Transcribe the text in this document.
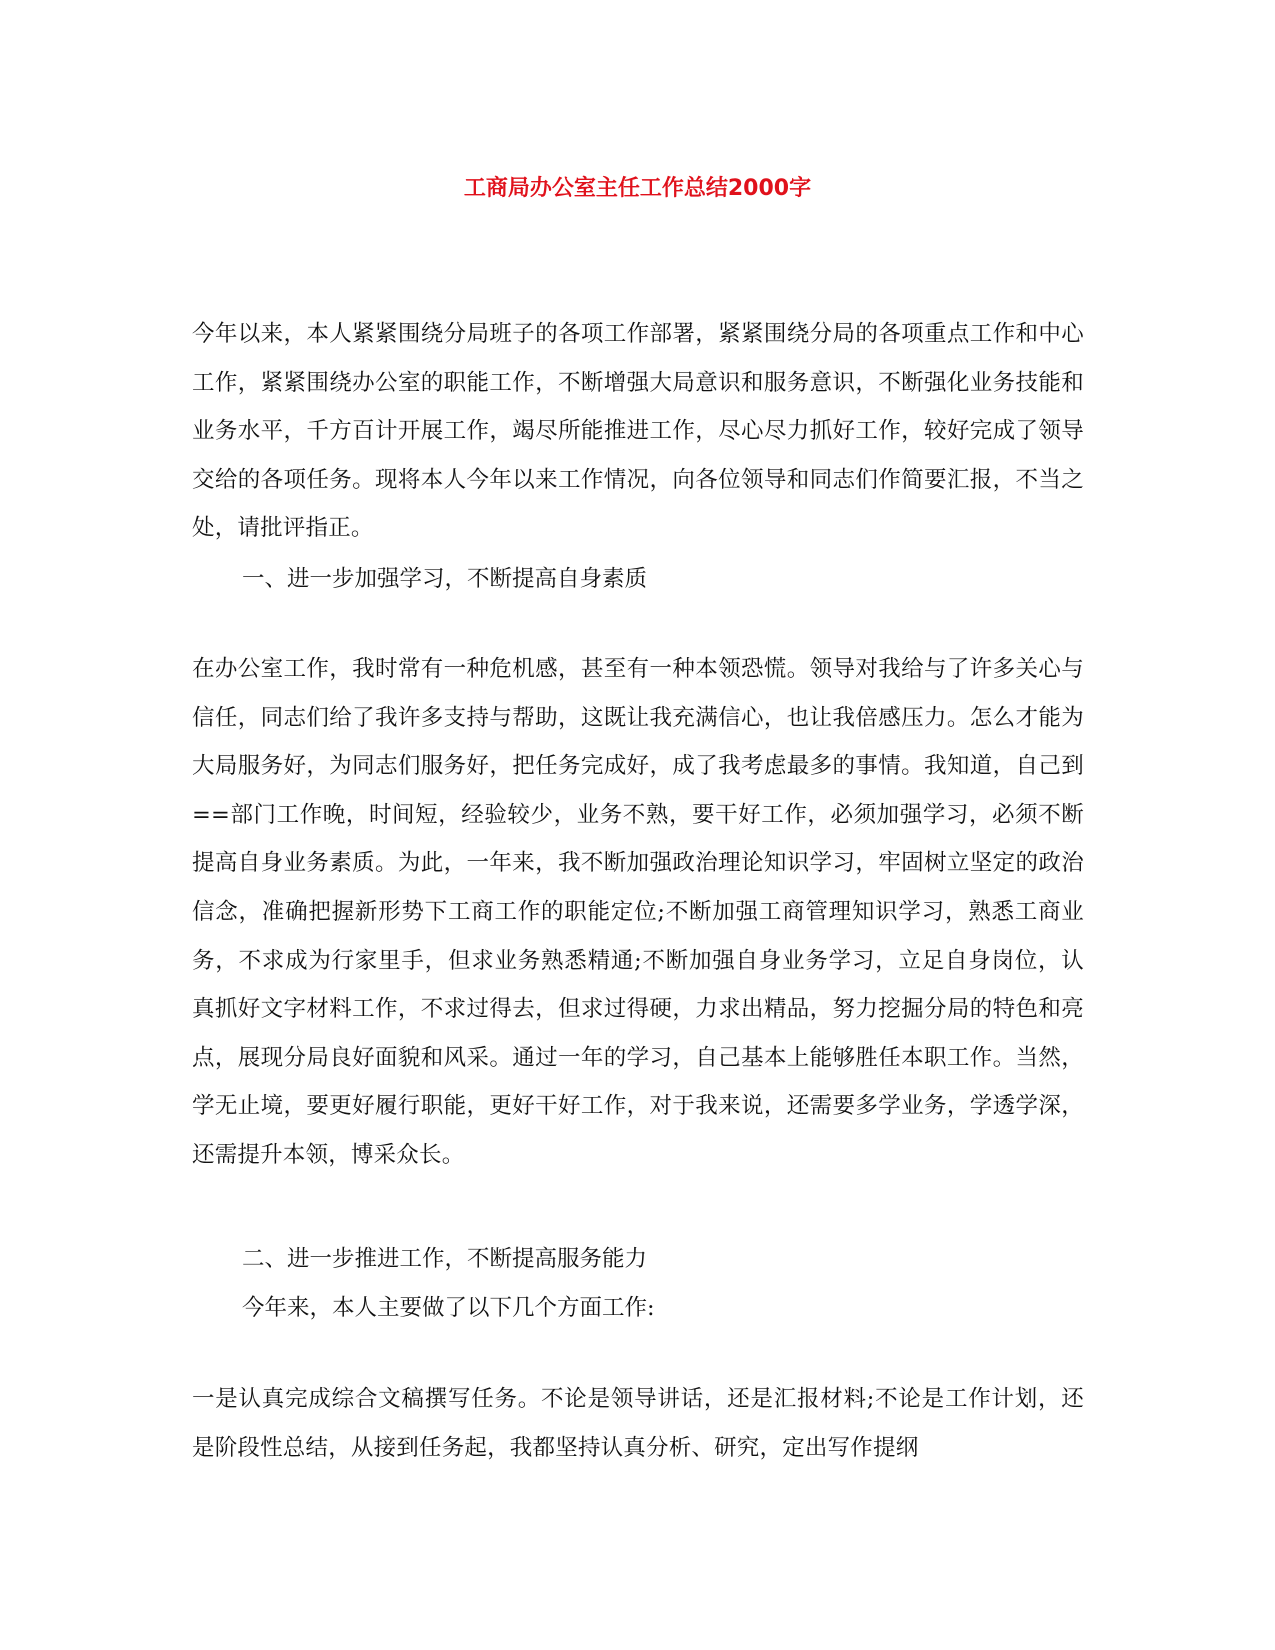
工商局办公室主任工作总结2000字

今年以来，本人紧紧围绕分局班子的各项工作部署，紧紧围绕分局的各项重点工作和中心工作，紧紧围绕办公室的职能工作，不断增强大局意识和服务意识，不断强化业务技能和业务水平，千方百计开展工作，竭尽所能推进工作，尽心尽力抓好工作，较好完成了领导交给的各项任务。现将本人今年以来工作情况，向各位领导和同志们作简要汇报，不当之处，请批评指正。

一、进一步加强学习，不断提高自身素质

在办公室工作，我时常有一种危机感，甚至有一种本领恐慌。领导对我给与了许多关心与信任，同志们给了我许多支持与帮助，这既让我充满信心，也让我倍感压力。怎么才能为大局服务好，为同志们服务好，把任务完成好，成了我考虑最多的事情。我知道，自己到==部门工作晚，时间短，经验较少，业务不熟，要干好工作，必须加强学习，必须不断提高自身业务素质。为此，一年来，我不断加强政治理论知识学习，牢固树立坚定的政治信念，准确把握新形势下工商工作的职能定位;不断加强工商管理知识学习，熟悉工商业务，不求成为行家里手，但求业务熟悉精通;不断加强自身业务学习，立足自身岗位，认真抓好文字材料工作，不求过得去，但求过得硬，力求出精品，努力挖掘分局的特色和亮点，展现分局良好面貌和风采。通过一年的学习，自己基本上能够胜任本职工作。当然，学无止境，要更好履行职能，更好干好工作，对于我来说，还需要多学业务，学透学深，还需提升本领，博采众长。

二、进一步推进工作，不断提高服务能力

今年来，本人主要做了以下几个方面工作:

一是认真完成综合文稿撰写任务。不论是领导讲话，还是汇报材料;不论是工作计划，还是阶段性总结，从接到任务起，我都坚持认真分析、研究，定出写作提纲
